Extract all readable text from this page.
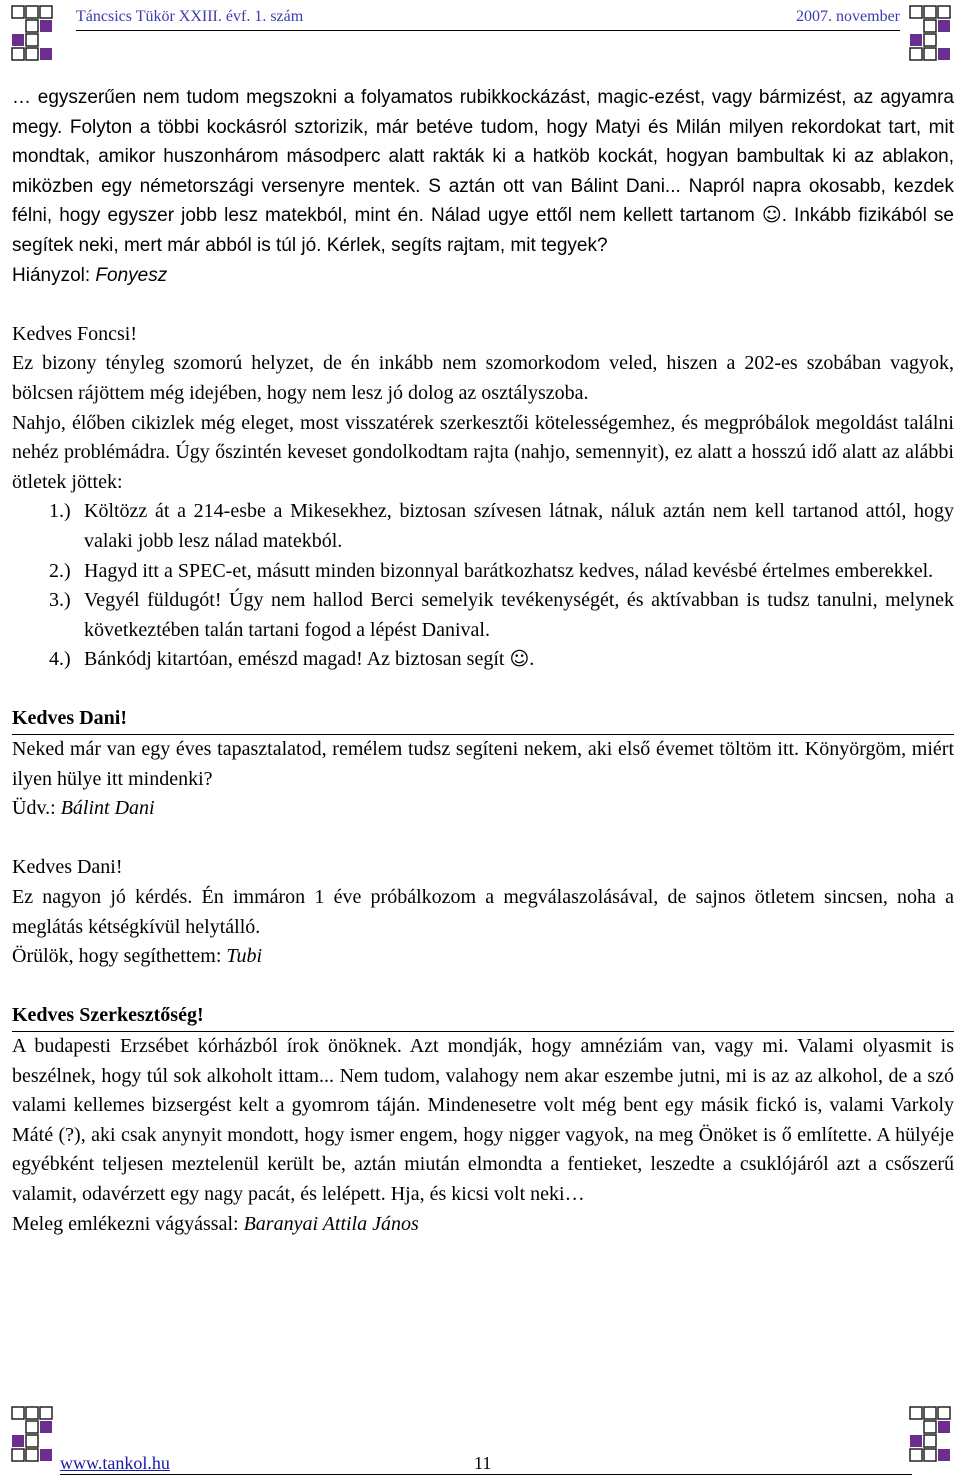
Táncsics Tükör XXIII. évf. 1. szám	2007. november

… egyszerűen nem tudom megszokni a folyamatos rubikkockázást, magic-ezést, vagy bármizést, az agyamra megy. Folyton a többi kockásról sztorizik, már betéve tudom, hogy Matyi és Milán milyen rekordokat tart, mit mondtak, amikor huszonhárom másodperc alatt rakták ki a hatköb kockát, hogyan bambultak ki az ablakon, miközben egy németországi versenyre mentek. S aztán ott van Bálint Dani... Napról napra okosabb, kezdek félni, hogy egyszer jobb lesz matekból, mint én. Nálad ugye ettől nem kellett tartanom ☺. Inkább fizikából se segítek neki, mert már abból is túl jó. Kérlek, segíts rajtam, mit tegyek?

Hiányzol: Fonyesz

Kedves Foncsi!

Ez bizony tényleg szomorú helyzet, de én inkább nem szomorkodom veled, hiszen a 202-es szobában vagyok, bölcsen rájöttem még idejében, hogy nem lesz jó dolog az osztályszoba.

Nahjo, élőben cikizlek még eleget, most visszatérek szerkesztői kötelességemhez, és megpróbálok megoldást találni nehéz problémádra. Úgy őszintén keveset gondolkodtam rajta (nahjo, semennyit), ez alatt a hosszú idő alatt az alábbi ötletek jöttek:

1.) Költözz át a 214-esbe a Mikesekhez, biztosan szívesen látnak, náluk aztán nem kell tartanod attól, hogy valaki jobb lesz nálad matekból.
2.) Hagyd itt a SPEC-et, másutt minden bizonnyal barátkozhatsz kedves, nálad kevésbé értelmes emberekkel.
3.) Vegyél füldugót! Úgy nem hallod Berci semelyik tevékenységét, és aktívabban is tudsz tanulni, melynek következtében talán tartani fogod a lépést Danival.
4.) Bánkódj kitartóan, emészd magad! Az biztosan segít ☺.

Kedves Dani!

Neked már van egy éves tapasztalatod, remélem tudsz segíteni nekem, aki első évemet töltöm itt. Könyörgöm, miért ilyen hülye itt mindenki?

Üdv.: Bálint Dani

Kedves Dani!

Ez nagyon jó kérdés. Én immáron 1 éve próbálkozom a megválaszolásával, de sajnos ötletem sincsen, noha a meglátás kétségkívül helytálló.

Örülök, hogy segíthettem: Tubi

Kedves Szerkesztőség!

A budapesti Erzsébet kórházból írok önöknek. Azt mondják, hogy amnéziám van, vagy mi. Valami olyasmit is beszélnek, hogy túl sok alkoholt ittam... Nem tudom, valahogy nem akar eszembe jutni, mi is az az alkohol, de a szó valami kellemes bizsergést kelt a gyomrom táján. Mindenesetre volt még bent egy másik fickó is, valami Varkoly Máté (?), aki csak anynyit mondott, hogy ismer engem, hogy nigger vagyok, na meg Önöket is ő említette. A hülyéje egyébként teljesen meztelenül került be, aztán miután elmondta a fentieket, leszedte a csuklójáról azt a csőszerű valamit, odavérzett egy nagy pacát, és lelépett. Hja, és kicsi volt neki…

Meleg emlékezni vágyással: Baranyai Attila János

www.tankol.hu	11
